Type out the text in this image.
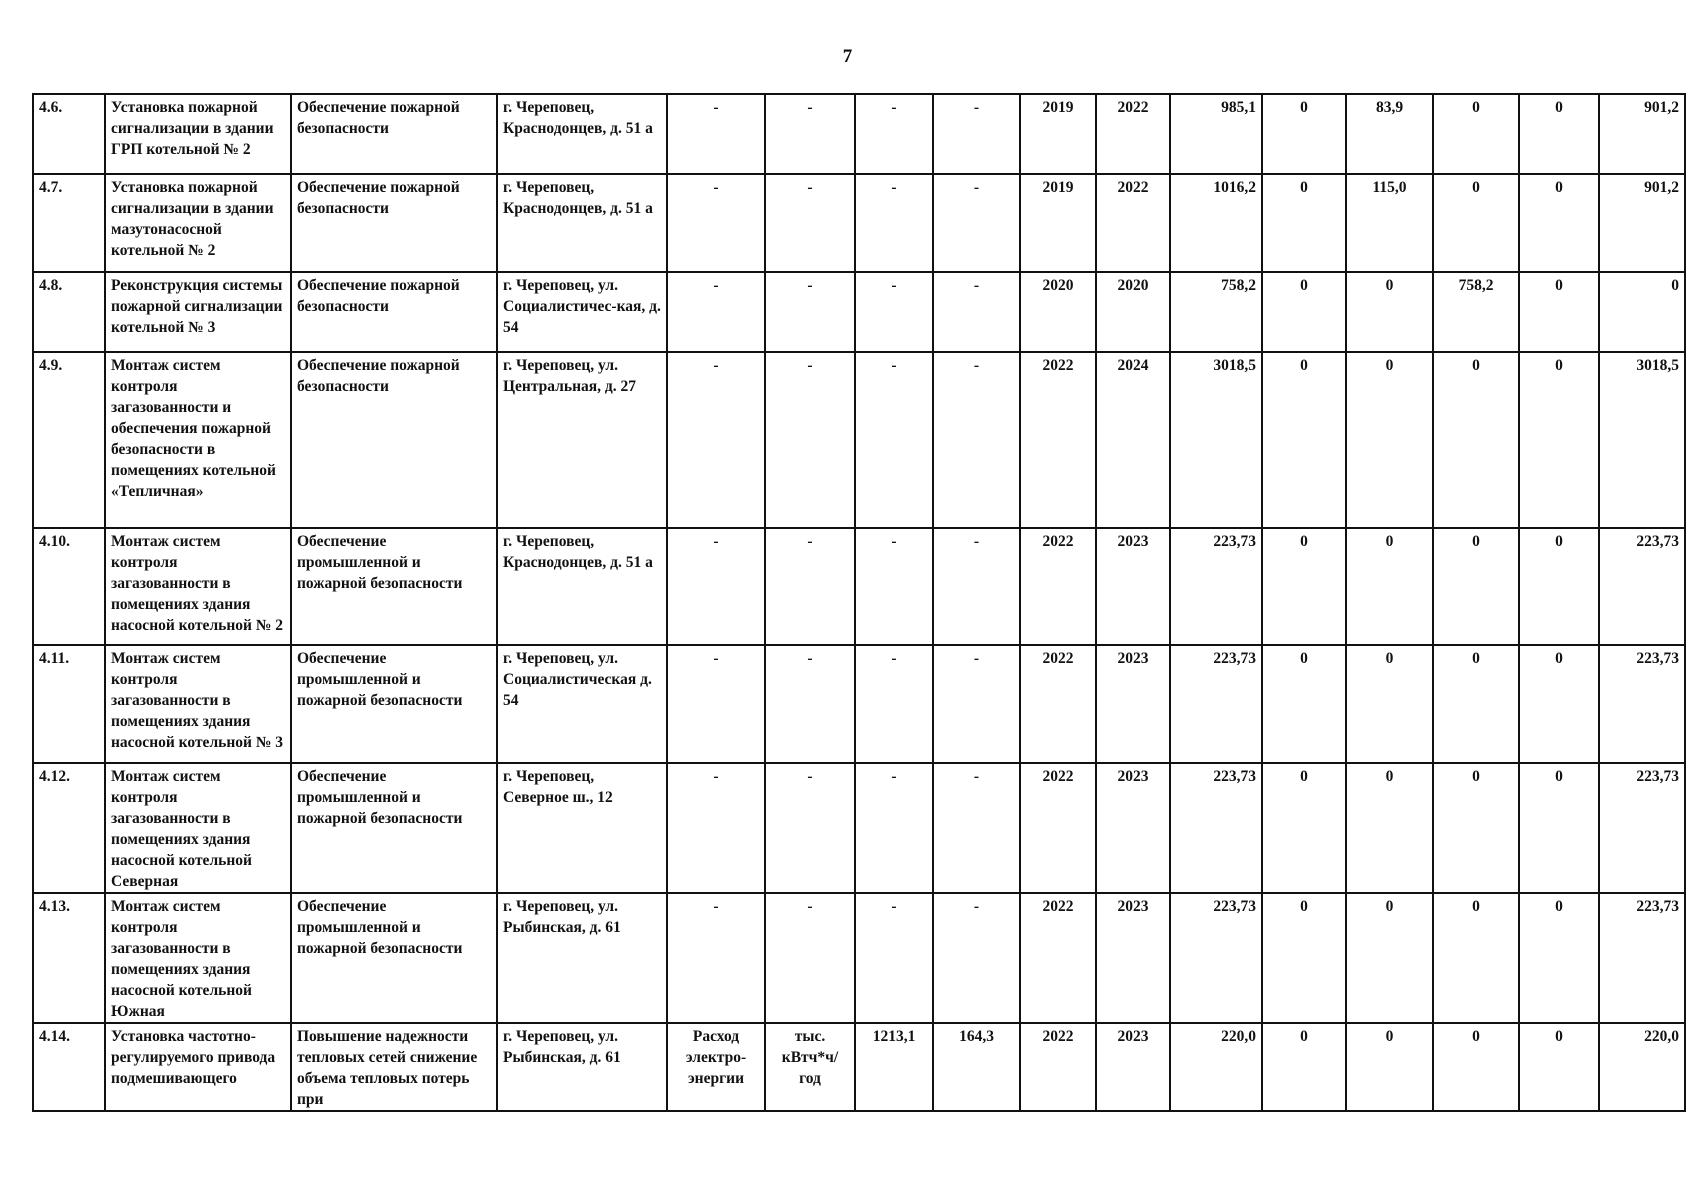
7
4.6.	Установка пожарной сигнализации в здании ГРП котельной № 2	Обеспечение пожарной безопасности	г. Череповец, Краснодонцев, д. 51 а	-	-	-	-	2019	2022	985,1	0	83,9	0	0	901,2
4.7.	Установка пожарной сигнализации в здании мазутонасосной котельной № 2	Обеспечение пожарной безопасности	г. Череповец, Краснодонцев, д. 51 а	-	-	-	-	2019	2022	1016,2	0	115,0	0	0	901,2
4.8.	Реконструкция системы пожарной сигнализации котельной № 3	Обеспечение пожарной безопасности	г. Череповец, ул. Социалистичес-кая, д. 54	-	-	-	-	2020	2020	758,2	0	0	758,2	0	0
4.9.	Монтаж систем контроля загазованности и обеспечения пожарной безопасности в помещениях котельной «Тепличная»	Обеспечение пожарной безопасности	г. Череповец, ул. Центральная, д. 27	-	-	-	-	2022	2024	3018,5	0	0	0	0	3018,5
4.10.	Монтаж систем контроля загазованности в помещениях здания насосной котельной № 2	Обеспечение промышленной и пожарной безопасности	г. Череповец, Краснодонцев, д. 51 а	-	-	-	-	2022	2023	223,73	0	0	0	0	223,73
4.11.	Монтаж систем контроля загазованности в помещениях здания насосной котельной № 3	Обеспечение промышленной и пожарной безопасности	г. Череповец, ул. Социалистическая д. 54	-	-	-	-	2022	2023	223,73	0	0	0	0	223,73
4.12.	Монтаж систем контроля загазованности в помещениях здания насосной котельной Северная	Обеспечение промышленной и пожарной безопасности	г. Череповец, Северное ш., 12	-	-	-	-	2022	2023	223,73	0	0	0	0	223,73
4.13.	Монтаж систем контроля загазованности в помещениях здания насосной котельной Южная	Обеспечение промышленной и пожарной безопасности	г. Череповец, ул. Рыбинская, д. 61	-	-	-	-	2022	2023	223,73	0	0	0	0	223,73
4.14.	Установка частотно-регулируемого привода подмешивающего	Повышение надежности тепловых сетей снижение объема тепловых потерь при	г. Череповец, ул. Рыбинская, д. 61	Расход электро-энергии	тыс. кВтч*ч/ год	1213,1	164,3	2022	2023	220,0	0	0	0	0	220,0
